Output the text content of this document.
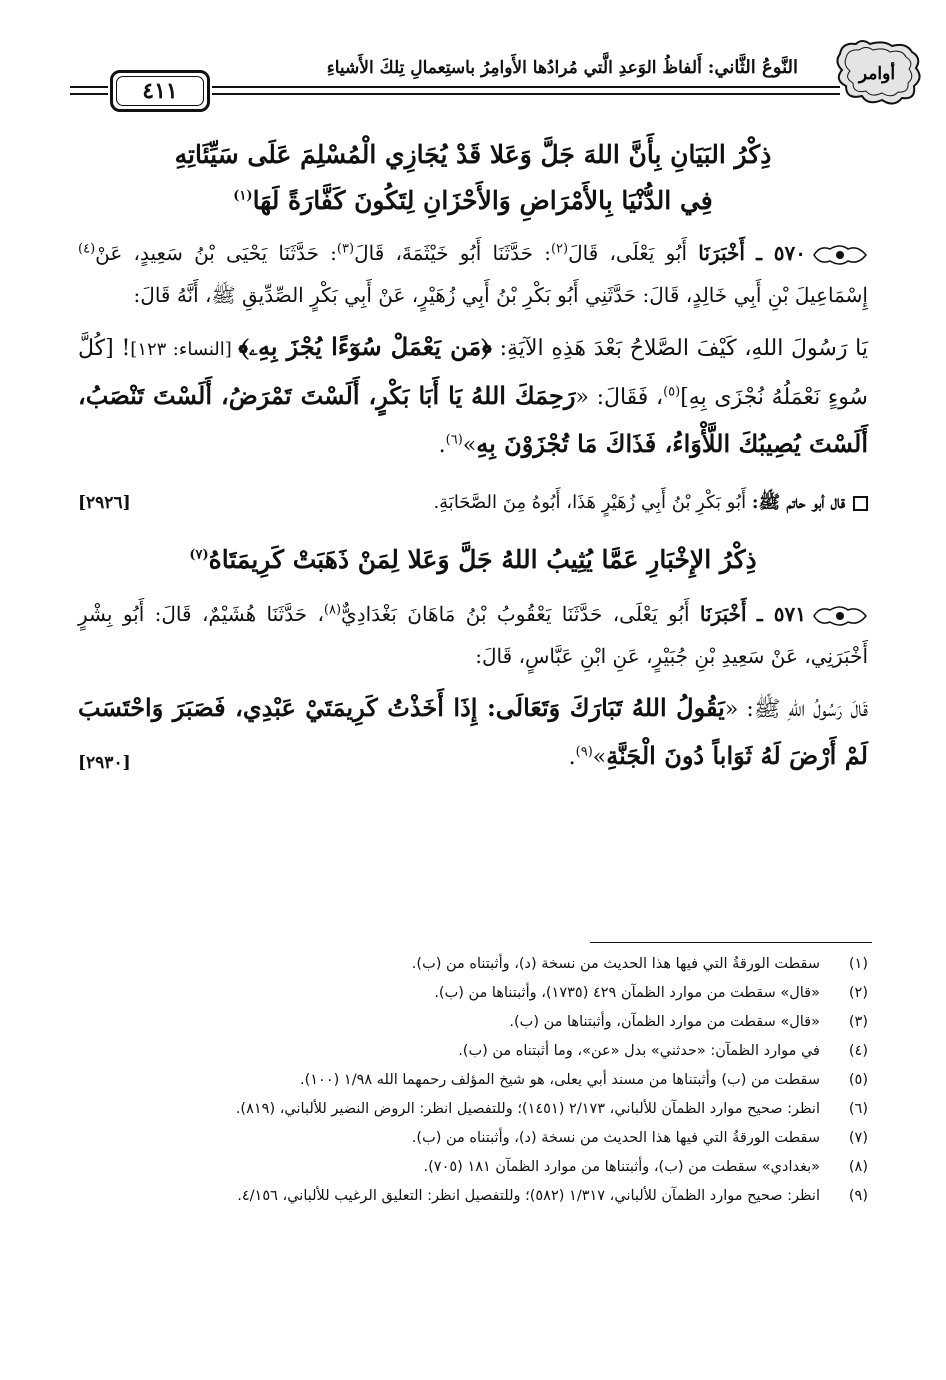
أوامر
النَّوعُ الثَّاني: أَلفاظُ الوَعدِ الَّتي مُرادُها الأَوامِرُ باستِعمالِ تِلكَ الأَشياءِ
٤١١

ذِكْرُ البَيَانِ بِأَنَّ اللهَ جَلَّ وَعَلا قَدْ يُجَازِي الْمُسْلِمَ عَلَى سَيِّئَاتِهِ

فِي الدُّنْيَا بِالأَمْرَاضِ وَالأَحْزَانِ لِتَكُونَ كَفَّارَةً لَهَا$^{(١)}$

٥٧٠ ـ أَخْبَرَنَا أَبُو يَعْلَى، قَالَ$^{(٢)}$: حَدَّثَنَا أَبُو خَيْثَمَةَ، قَالَ$^{(٣)}$: حَدَّثَنَا يَحْيَى بْنُ سَعِيدٍ، عَنْ$^{(٤)}$ إِسْمَاعِيلَ بْنِ أَبِي خَالِدٍ، قَالَ: حَدَّثَنِي أَبُو بَكْرِ بْنُ أَبِي زُهَيْرٍ، عَنْ أَبِي بَكْرٍ الصِّدِّيقِ ﷺ، أَنَّهُ قَالَ:

يَا رَسُولَ اللهِ، كَيْفَ الصَّلاحُ بَعْدَ هَذِهِ الآيَةِ: ﴿مَن يَعْمَلْ سُوٓءًا يُجْزَ بِهِۦ﴾ [النساء: ١٢٣]! [كُلَّ سُوءٍ نَعْمَلُهُ نُجْزَى بِهِ]$^{(٥)}$، فَقَالَ: «رَحِمَكَ اللهُ يَا أَبَا بَكْرٍ، أَلَسْتَ تَمْرَضُ، أَلَسْتَ تَنْصَبُ، أَلَسْتَ يُصِيبُكَ اللَّأْوَاءُ، فَذَاكَ مَا تُجْزَوْنَ بِهِ»$^{(٦)}$.

قال أبو حاتم ﷺ: أَبُو بَكْرِ بْنُ أَبِي زُهَيْرٍ هَذَا، أَبُوهُ مِنَ الصَّحَابَةِ.
[٢٩٢٦]

ذِكْرُ الإِخْبَارِ عَمَّا يُثِيبُ اللهُ جَلَّ وَعَلا لِمَنْ ذَهَبَتْ كَرِيمَتَاهُ$^{(٧)}$

٥٧١ ـ أَخْبَرَنَا أَبُو يَعْلَى، حَدَّثَنَا يَعْقُوبُ بْنُ مَاهَانَ بَغْدَادِيٌّ$^{(٨)}$، حَدَّثَنَا هُشَيْمٌ، قَالَ: أَبُو بِشْرٍ أَخْبَرَنِي، عَنْ سَعِيدِ بْنِ جُبَيْرٍ، عَنِ ابْنِ عَبَّاسٍ، قَالَ:

قَالَ رَسُولُ اللهِ ﷺ: «يَقُولُ اللهُ تَبَارَكَ وَتَعَالَى: إِذَا أَخَذْتُ كَرِيمَتَيْ عَبْدِي، فَصَبَرَ وَاحْتَسَبَ لَمْ أَرْضَ لَهُ ثَوَاباً دُونَ الْجَنَّةِ»$^{(٩)}$.

[٢٩٣٠]
(١)
سقطت الورقةُ التي فيها هذا الحديث من نسخة (د)، وأثبتناه من (ب).
(٢)
«قال» سقطت من موارد الظمآن ٤٢٩ (١٧٣٥)، وأثبتناها من (ب).
(٣)
«قال» سقطت من موارد الظمآن، وأثبتناها من (ب).
(٤)
في موارد الظمآن: «حدثني» بدل «عن»، وما أثبتناه من (ب).
(٥)
سقطت من (ب) وأثبتناها من مسند أبي يعلى، هو شيخ المؤلف رحمهما الله ١/٩٨ (١٠٠).
(٦)
انظر: صحيح موارد الظمآن للألباني، ٢/١٧٣ (١٤٥١)؛ وللتفصيل انظر: الروض النضير للألباني، (٨١٩).
(٧)
سقطت الورقةُ التي فيها هذا الحديث من نسخة (د)، وأثبتناه من (ب).
(٨)
«بغدادي» سقطت من (ب)، وأثبتناها من موارد الظمآن ١٨١ (٧٠٥).
(٩)
انظر: صحيح موارد الظمآن للألباني، ١/٣١٧ (٥٨٢)؛ وللتفصيل انظر: التعليق الرغيب للألباني، ٤/١٥٦.
